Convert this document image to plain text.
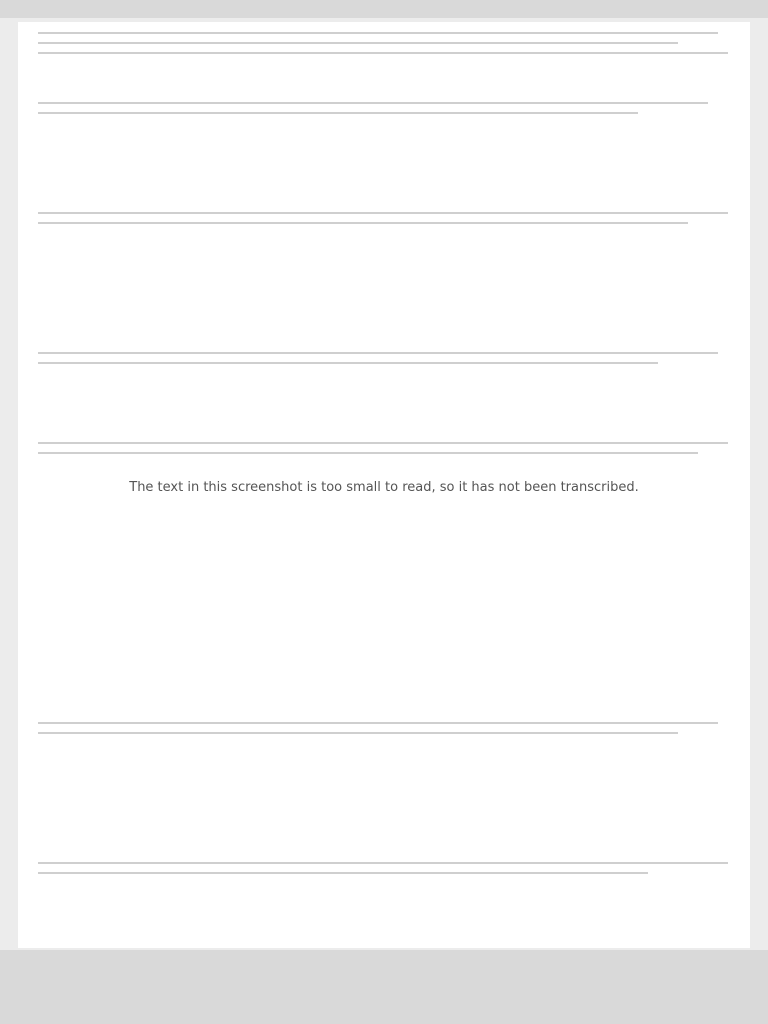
The text in this screenshot is too small to read, so it has not been transcribed.
